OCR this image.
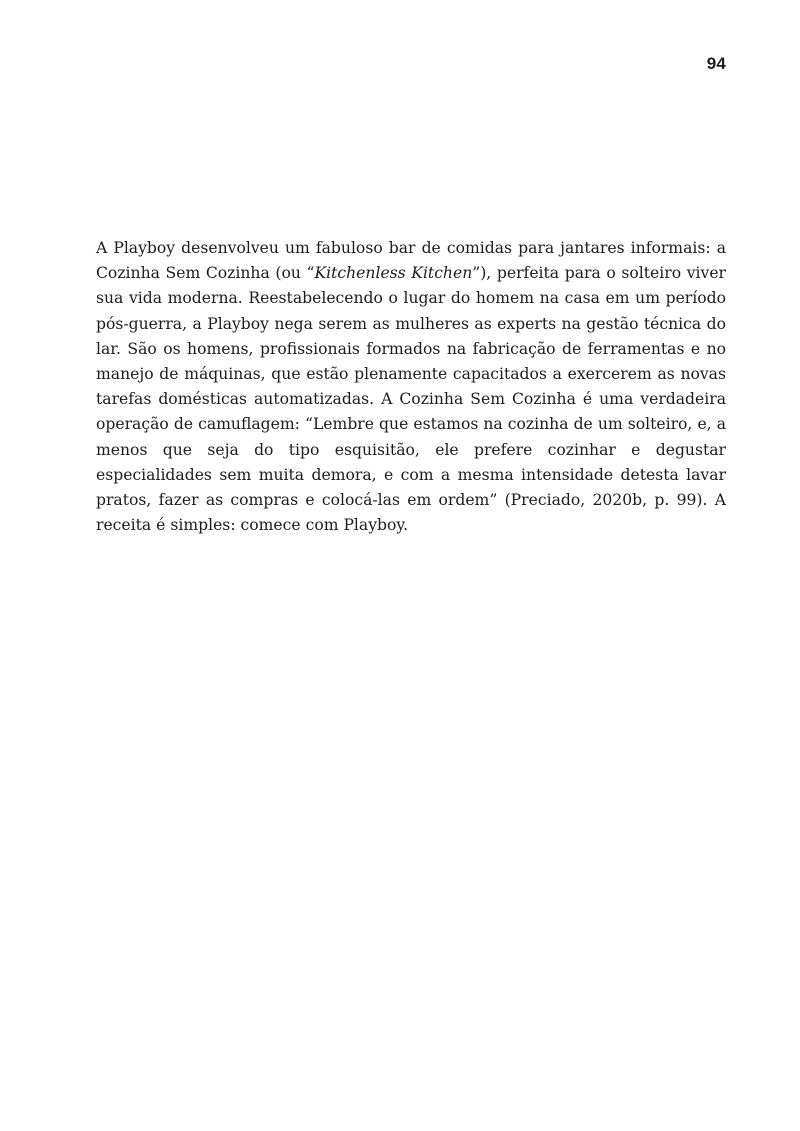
94

A Playboy desenvolveu um fabuloso bar de comidas para jantares informais: a Cozinha Sem Cozinha (ou “Kitchenless Kitchen”), perfeita para o solteiro viver sua vida moderna. Reestabelecendo o lugar do homem na casa em um período pós-guerra, a Playboy nega serem as mulheres as experts na gestão técnica do lar. São os homens, profissionais formados na fabricação de ferramentas e no manejo de máquinas, que estão plenamente capacitados a exercerem as novas tarefas domésticas automatizadas. A Cozinha Sem Cozinha é uma verdadeira operação de camuflagem: “Lembre que estamos na cozinha de um solteiro, e, a menos que seja do tipo esquisitão, ele prefere cozinhar e degustar especialidades sem muita demora, e com a mesma intensidade detesta lavar pratos, fazer as compras e colocá-las em ordem” (Preciado, 2020b, p. 99). A receita é simples: comece com Playboy.
